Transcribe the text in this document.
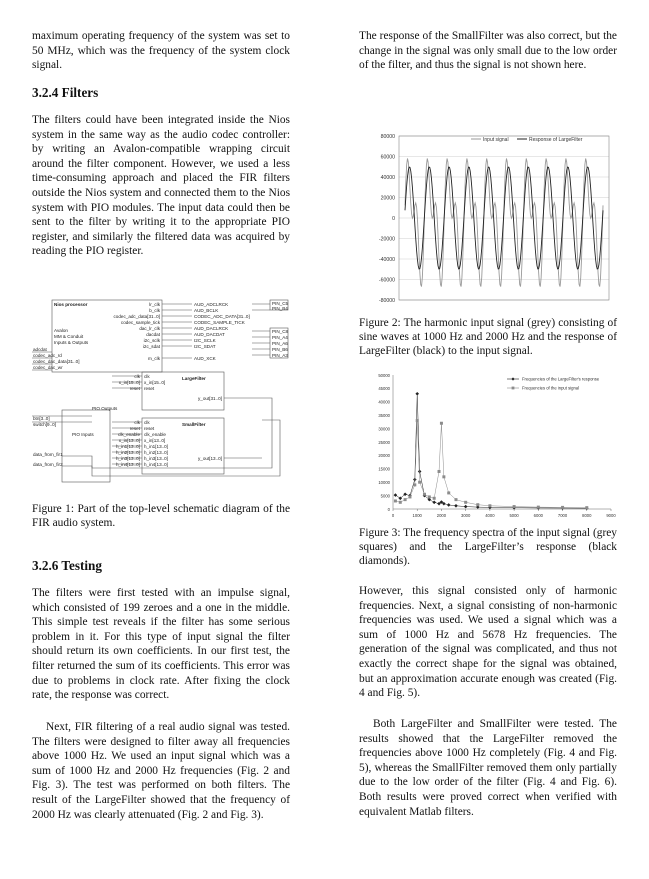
maximum operating frequency of the system was set to 50 MHz, which was the frequency of the system clock signal.

3.2.4 Filters

The filters could have been integrated inside the Nios system in the same way as the audio codec controller: by writing an Avalon-compatible wrapping circuit around the filter component. However, we used a less time-consuming approach and placed the FIR filters outside the Nios system and connected them to the Nios system with PIO modules. The input data could then be sent to the filter by writing it to the appropriate PIO register, and similarly the filtered data was acquired by reading the PIO register.

Nios processor
Avalon
MM & Conduit
Inputs & Outputs
lr_clk
b_clk
codec_adc_data[31..0]
codec_sample_tick
dac_lr_clk
dacdat
i2c_sclk
i2c_sdat
m_clk
AUD_ADCLRCK
AUD_BCLK
CODEC_ADC_DATA[31..0]
CODEC_SAMPLE_TICK
AUD_DACLRCK
AUD_DACDAT
I2C_SCLK
I2C_SDAT
AUD_XCK
PIN_C5
PIN_B4
PIN_C8
PIN_A4
PIN_A6
PIN_B6
PIN_A3
adcdat
codec_adc_rd
codec_dac_data[31..0]
codec_dac_wr
LargeFilter
clk
x_in[15..0]
reset
y_out[31..0]
clk
x_in[15..0]
reset
PIO Outputs
btn[3..0]
switch[9..0]
PIO Inputs
SmallFilter
clk
reset
clk_enable
x_in[13..0]
h_in1[13..0]
h_in2[13..0]
h_in3[13..0]
h_in4[13..0]
y_out[13..0]
clk
reset
clk_enable
x_in[13..0]
h_in1[13..0]
h_in2[13..0]
h_in3[13..0]
h_in4[13..0]
data_from_fir1
data_from_fir2

Figure 1: Part of the top-level schematic diagram of the FIR audio system.

3.2.6 Testing

The filters were first tested with an impulse signal, which consisted of 199 zeroes and a one in the middle. This simple test reveals if the filter has some serious problem in it. For this type of input signal the filter should return its own coefficients. In our first test, the filter returned the sum of its coefficients. This error was due to problems in clock rate. After fixing the clock rate, the response was correct.

Next, FIR filtering of a real audio signal was tested. The filters were designed to filter away all frequencies above 1000 Hz. We used an input signal which was a sum of 1000 Hz and 2000 Hz frequencies (Fig. 2 and Fig. 3). The test was performed on both filters. The result of the LargeFilter showed that the frequency of 2000 Hz was clearly attenuated (Fig. 2 and Fig. 3).

The response of the SmallFilter was also correct, but the change in the signal was only small due to the low order of the filter, and thus the signal is not shown here.

80000
60000
40000
20000
0
-20000
-40000
-60000
-80000
Input signal	Response of LargeFilter

Figure 2: The harmonic input signal (grey) consisting of sine waves at 1000 Hz and 2000 Hz and the response of LargeFilter (black) to the input signal.

50000
45000
40000
35000
30000
25000
20000
15000
10000
5000
0
0	1000	2000	3000	4000	5000	6000	7000	8000	9000
Frequencies of the LargeFilter's response
Frequencies of the input signal

Figure 3: The frequency spectra of the input signal (grey squares) and the LargeFilter’s response (black diamonds).

However, this signal consisted only of harmonic frequencies. Next, a signal consisting of non-harmonic frequencies was used. We used a signal which was a sum of 1000 Hz and 5678 Hz frequencies. The generation of the signal was complicated, and thus not exactly the correct shape for the signal was obtained, but an approximation accurate enough was created (Fig. 4 and Fig. 5).

Both LargeFilter and SmallFilter were tested. The results showed that the LargeFilter removed the frequencies above 1000 Hz completely (Fig. 4 and Fig. 5), whereas the SmallFilter removed them only partially due to the low order of the filter (Fig. 4 and Fig. 6). Both results were proved correct when verified with equivalent Matlab filters.
